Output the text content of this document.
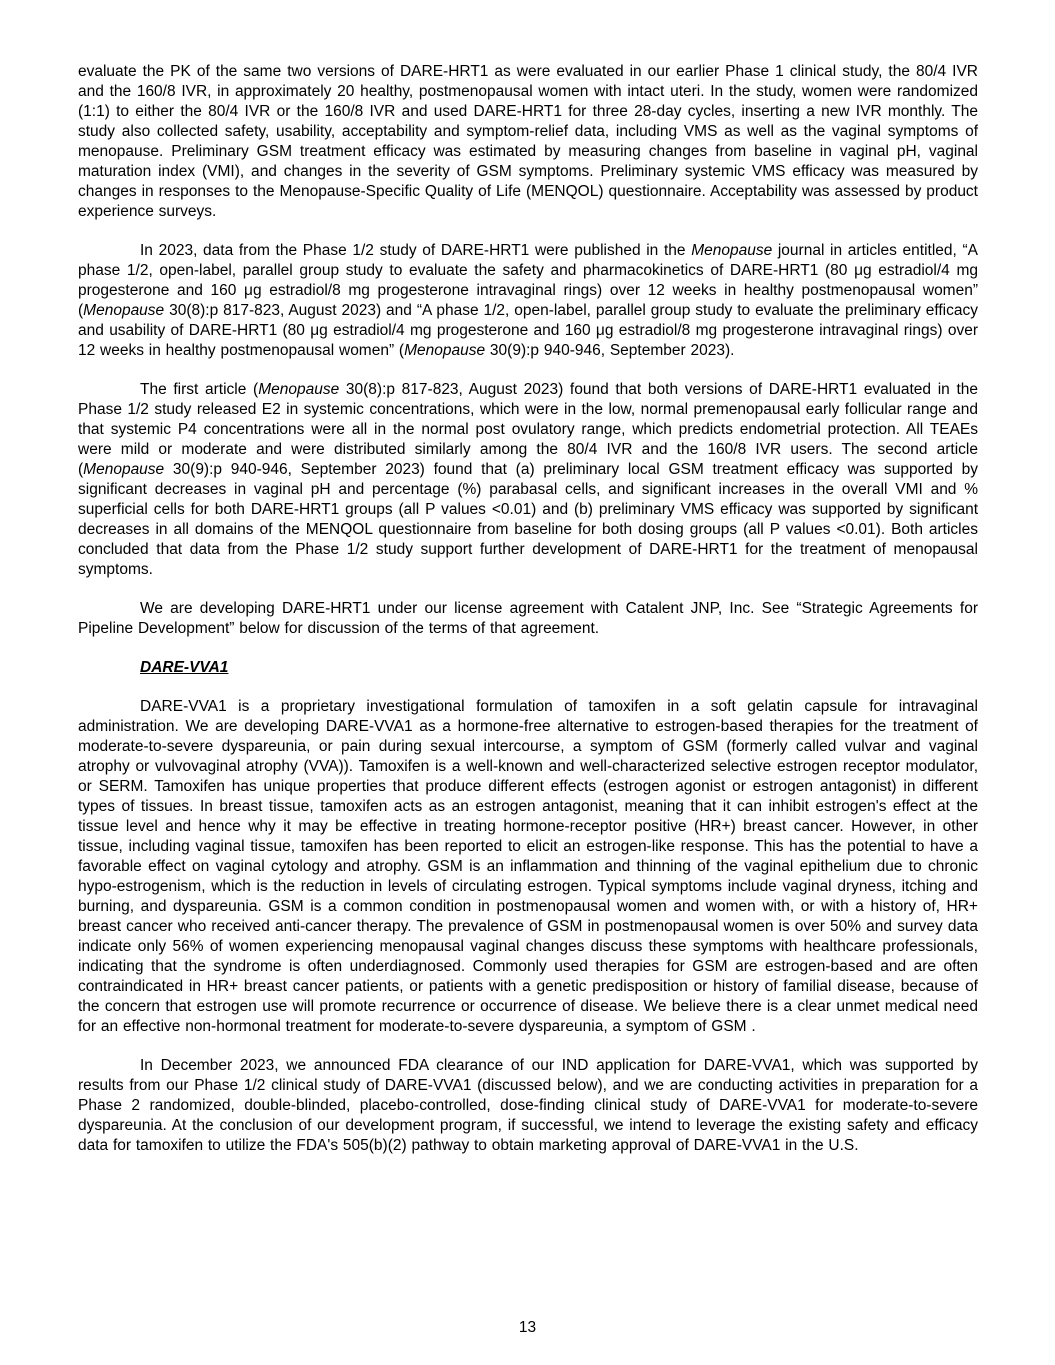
evaluate the PK of the same two versions of DARE-HRT1 as were evaluated in our earlier Phase 1 clinical study, the 80/4 IVR and the 160/8 IVR, in approximately 20 healthy, postmenopausal women with intact uteri. In the study, women were randomized (1:1) to either the 80/4 IVR or the 160/8 IVR and used DARE-HRT1 for three 28-day cycles, inserting a new IVR monthly. The study also collected safety, usability, acceptability and symptom-relief data, including VMS as well as the vaginal symptoms of menopause. Preliminary GSM treatment efficacy was estimated by measuring changes from baseline in vaginal pH, vaginal maturation index (VMI), and changes in the severity of GSM symptoms. Preliminary systemic VMS efficacy was measured by changes in responses to the Menopause-Specific Quality of Life (MENQOL) questionnaire. Acceptability was assessed by product experience surveys.

In 2023, data from the Phase 1/2 study of DARE-HRT1 were published in the Menopause journal in articles entitled, “A phase 1/2, open-label, parallel group study to evaluate the safety and pharmacokinetics of DARE-HRT1 (80 μg estradiol/4 mg progesterone and 160 μg estradiol/8 mg progesterone intravaginal rings) over 12 weeks in healthy postmenopausal women” (Menopause 30(8):p 817-823, August 2023) and “A phase 1/2, open-label, parallel group study to evaluate the preliminary efficacy and usability of DARE-HRT1 (80 μg estradiol/4 mg progesterone and 160 μg estradiol/8 mg progesterone intravaginal rings) over 12 weeks in healthy postmenopausal women” (Menopause 30(9):p 940-946, September 2023).

The first article (Menopause 30(8):p 817-823, August 2023) found that both versions of DARE-HRT1 evaluated in the Phase 1/2 study released E2 in systemic concentrations, which were in the low, normal premenopausal early follicular range and that systemic P4 concentrations were all in the normal post ovulatory range, which predicts endometrial protection. All TEAEs were mild or moderate and were distributed similarly among the 80/4 IVR and the 160/8 IVR users. The second article (Menopause 30(9):p 940-946, September 2023) found that (a) preliminary local GSM treatment efficacy was supported by significant decreases in vaginal pH and percentage (%) parabasal cells, and significant increases in the overall VMI and % superficial cells for both DARE-HRT1 groups (all P values <0.01) and (b) preliminary VMS efficacy was supported by significant decreases in all domains of the MENQOL questionnaire from baseline for both dosing groups (all P values <0.01). Both articles concluded that data from the Phase 1/2 study support further development of DARE-HRT1 for the treatment of menopausal symptoms.

We are developing DARE-HRT1 under our license agreement with Catalent JNP, Inc. See “Strategic Agreements for Pipeline Development” below for discussion of the terms of that agreement.

DARE-VVA1

DARE-VVA1 is a proprietary investigational formulation of tamoxifen in a soft gelatin capsule for intravaginal administration. We are developing DARE-VVA1 as a hormone-free alternative to estrogen-based therapies for the treatment of moderate-to-severe dyspareunia, or pain during sexual intercourse, a symptom of GSM (formerly called vulvar and vaginal atrophy or vulvovaginal atrophy (VVA)). Tamoxifen is a well-known and well-characterized selective estrogen receptor modulator, or SERM. Tamoxifen has unique properties that produce different effects (estrogen agonist or estrogen antagonist) in different types of tissues. In breast tissue, tamoxifen acts as an estrogen antagonist, meaning that it can inhibit estrogen's effect at the tissue level and hence why it may be effective in treating hormone-receptor positive (HR+) breast cancer. However, in other tissue, including vaginal tissue, tamoxifen has been reported to elicit an estrogen-like response. This has the potential to have a favorable effect on vaginal cytology and atrophy. GSM is an inflammation and thinning of the vaginal epithelium due to chronic hypo-estrogenism, which is the reduction in levels of circulating estrogen. Typical symptoms include vaginal dryness, itching and burning, and dyspareunia. GSM is a common condition in postmenopausal women and women with, or with a history of, HR+ breast cancer who received anti-cancer therapy. The prevalence of GSM in postmenopausal women is over 50% and survey data indicate only 56% of women experiencing menopausal vaginal changes discuss these symptoms with healthcare professionals, indicating that the syndrome is often underdiagnosed. Commonly used therapies for GSM are estrogen-based and are often contraindicated in HR+ breast cancer patients, or patients with a genetic predisposition or history of familial disease, because of the concern that estrogen use will promote recurrence or occurrence of disease. We believe there is a clear unmet medical need for an effective non-hormonal treatment for moderate-to-severe dyspareunia, a symptom of GSM .

In December 2023, we announced FDA clearance of our IND application for DARE-VVA1, which was supported by results from our Phase 1/2 clinical study of DARE-VVA1 (discussed below), and we are conducting activities in preparation for a Phase 2 randomized, double-blinded, placebo-controlled, dose-finding clinical study of DARE-VVA1 for moderate-to-severe dyspareunia. At the conclusion of our development program, if successful, we intend to leverage the existing safety and efficacy data for tamoxifen to utilize the FDA's 505(b)(2) pathway to obtain marketing approval of DARE-VVA1 in the U.S.

13
